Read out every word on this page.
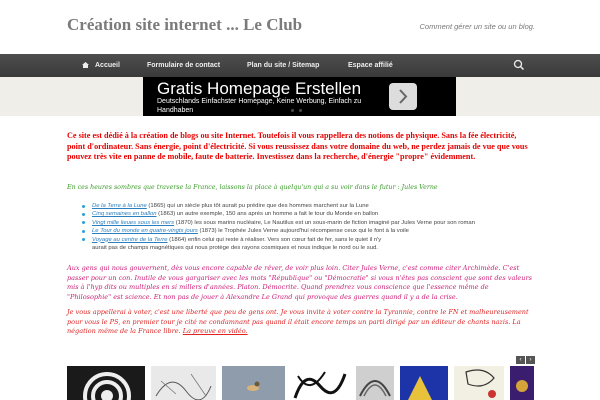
Création site internet ... Le Club	Comment gérer un site ou un blog.
Accueil	Formulaire de contact	Plan du site / Sitemap	Espace affilié
Gratis Homepage Erstellen
Deutschlands Einfachster Homepage, Keine Werbung, Einfach zu
Handhaben
Ce site est dédié à la création de blogs ou site Internet. Toutefois il vous rappellera des notions de physique. Sans la fée électricité, point d'ordinateur. Sans énergie, point d'électricité. Si vous reussissez dans votre domaine du web, ne perdez jamais de vue que vous pouvez très vite en panne de mobile, faute de batterie. Investissez dans la recherche, d'énergie "propre" évidemment.
En ces heures sombres que traverse la France, laissons la place à quelqu'un qui a su voir dans le futur : Jules Verne
De la Terre à la Lune (1865) qui un siècle plus tôt aurait pu prédire que des hommes marchent sur la Lune
Cinq semaines en ballon (1863) un autre exemple, 150 ans après un homme a fait le tour du Monde en ballon
Vingt mille lieues sous les mers (1870) les sous marins nucléaire, Le Nautilus est un sous-marin de fiction imaginé par Jules Verne pour son roman
Le Tour du monde en quatre-vingts jours (1873) le Trophée Jules Verne aujourd'hui récompense ceux qui le font à la voile
Voyage au centre de la Terre (1864) enfin celui qui reste à réaliser. Vers son cœur fait de fer, sans le quiet il n'y aurait pas de champs magnétiques qui nous protège des rayons cosmiques et nous indique le nord ou le sud.
Aux gens qui nous gouvernent, dès vous encore capable de rêver, de voir plus loin. Citer Jules Verne, c'est comme citer Archimède. C'est passer pour un con. Inutile de vous gargariser avec les mots "République" ou "Démocratie" si vous n'êtes pas conscient que sont des valeurs mis à l'hyp dits ou multiples en si millers d'années. Platon. Démocrite. Quand prendrez vous conscience que l'essence même de "Philosophie" est science. Et non pas de jouer à Alexandre Le Grand qui provoque des guerres quand il y a de la crise.
Je vous appellerai à voter, c'est une liberté que peu de gens ont. Je vous invite à voter contre la Tyrannie, contre le FN et malheureusement pour vous le PS, en premier tour je cité ne condamnant pas quand il était encore temps un parti dirigé par un éditeur de chants nazis. La négation même de la France libre. La preuve en vidéo.
‹	›
